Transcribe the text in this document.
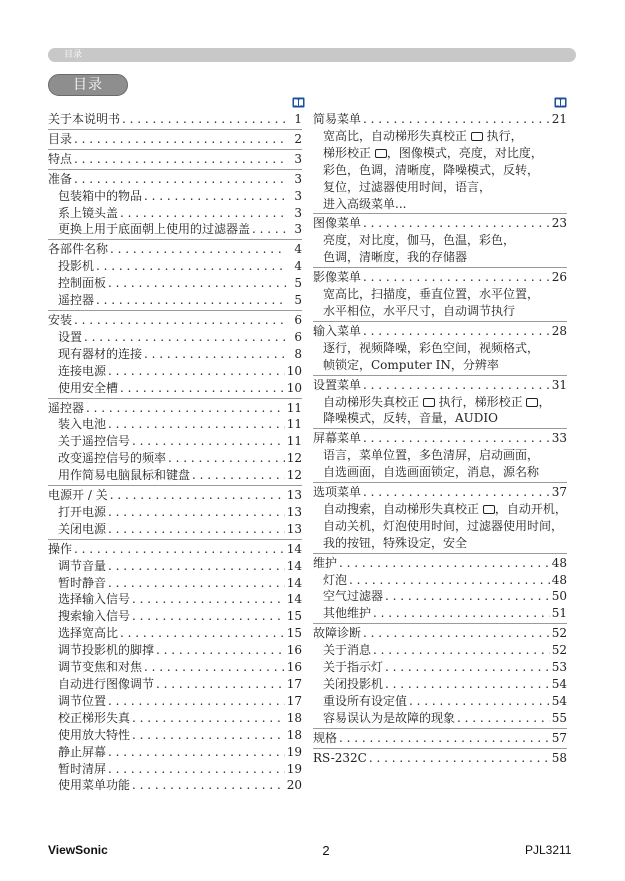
目录
目录
关于本说明书 . . .	1
目录 . . .	2
特点 . . .	3
准备 . . .	3
包装箱中的物品 . . .	3
系上镜头盖 . . .	3
更换上用于底面朝上使用的过滤器盖 . . .	3
各部件名称 . . .	4
投影机 . . .	4
控制面板 . . .	5
遥控器 . . .	5
安装 . . .	6
设置 . . .	6
现有器材的连接 . . .	8
连接电源 . . .	10
使用安全槽 . . .	10
遥控器 . . .	11
装入电池 . . .	11
关于遥控信号 . . .	11
改变遥控信号的频率 . . .	12
用作简易电脑鼠标和键盘 . . .	12
电源开 / 关 . . .	13
打开电源 . . .	13
关闭电源 . . .	13
操作 . . .	14
调节音量 . . .	14
暂时静音 . . .	14
选择输入信号 . . .	14
搜索输入信号 . . .	15
选择宽高比 . . .	15
调节投影机的脚撑 . . .	16
调节变焦和对焦 . . .	16
自动进行图像调节 . . .	17
调节位置 . . .	17
校正梯形失真 . . .	18
使用放大特性 . . .	18
静止屏幕 . . .	19
暂时清屏 . . .	19
使用菜单功能 . . .	20
简易菜单 . . .	21
宽高比，自动梯形失真校正  执行，
梯形校正 ，图像模式，亮度，对比度，
彩色，色调，清晰度，降噪模式，反转，
复位，过滤器使用时间，语言，
进入高级菜单...
图像菜单 . . .	23
亮度，对比度，伽马，色温，彩色，
色调，清晰度，我的存储器
影像菜单 . . .	26
宽高比，扫描度，垂直位置，水平位置，
水平相位，水平尺寸，自动调节执行
输入菜单 . . .	28
逐行，视频降噪，彩色空间，视频格式，
帧锁定，Computer IN，分辨率
设置菜单 . . .	31
自动梯形失真校正  执行，梯形校正 ，
降噪模式，反转，音量，AUDIO
屏幕菜单 . . .	33
语言，菜单位置，多色清屏，启动画面，
自选画面，自选画面锁定，消息，源名称
选项菜单 . . .	37
自动搜索，自动梯形失真校正 ，自动开机，
自动关机，灯泡使用时间，过滤器使用时间，
我的按钮，特殊设定，安全
维护 . . .	48
灯泡 . . .	48
空气过滤器 . . .	50
其他维护 . . .	51
故障诊断 . . .	52
关于消息 . . .	52
关于指示灯 . . .	53
关闭投影机 . . .	54
重设所有设定值 . . .	54
容易误认为是故障的现象 . . .	55
规格 . . .	57
RS-232C . . .	58
ViewSonic	2	PJL3211
